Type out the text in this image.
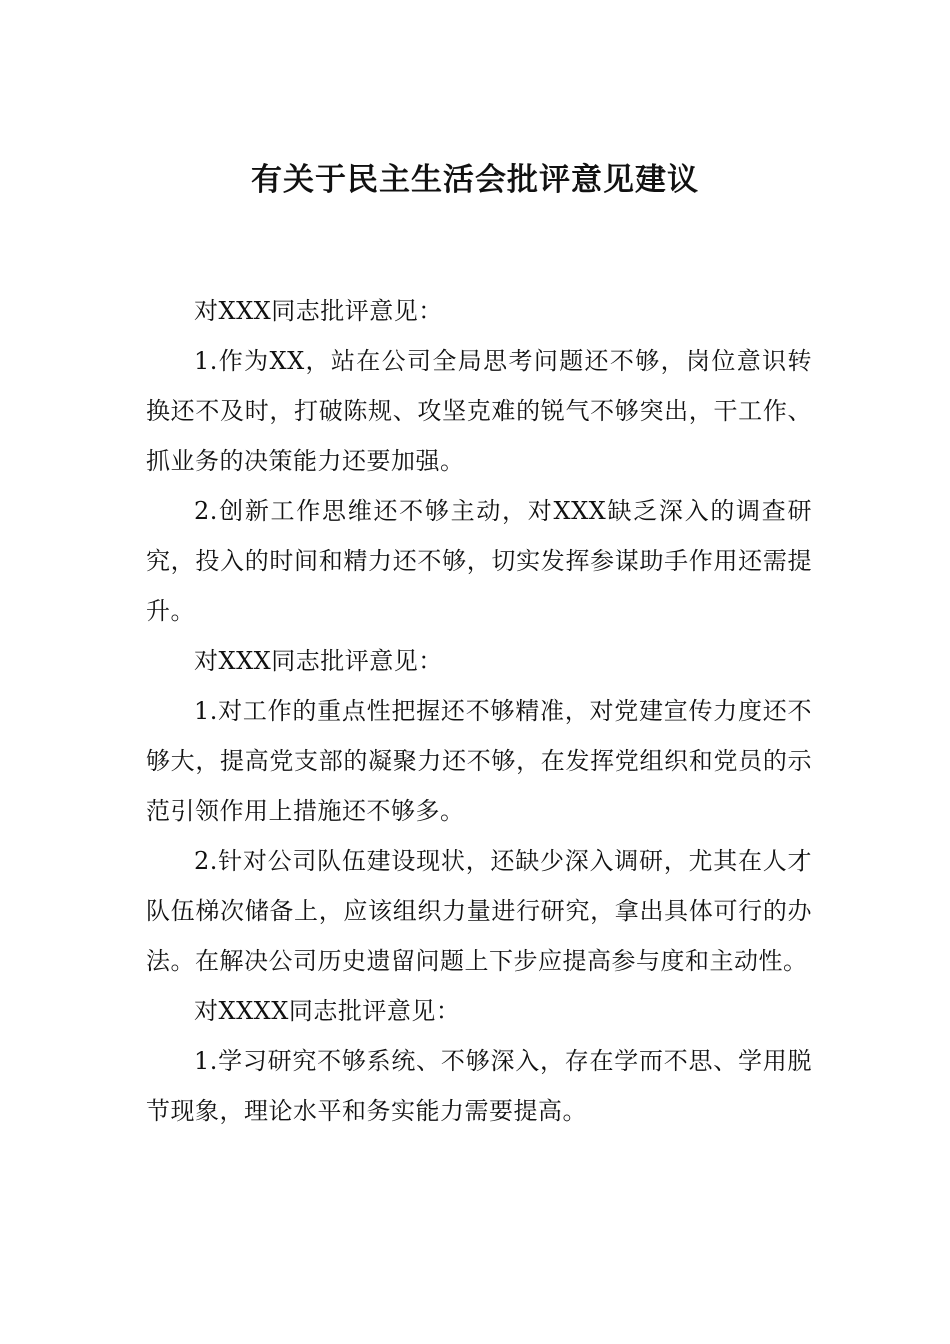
有关于民主生活会批评意见建议

对XXX同志批评意见：

1.作为XX，站在公司全局思考问题还不够，岗位意识转换还不及时，打破陈规、攻坚克难的锐气不够突出，干工作、抓业务的决策能力还要加强。

2.创新工作思维还不够主动，对XXX缺乏深入的调查研究，投入的时间和精力还不够，切实发挥参谋助手作用还需提升。

对XXX同志批评意见：

1.对工作的重点性把握还不够精准，对党建宣传力度还不够大，提高党支部的凝聚力还不够，在发挥党组织和党员的示范引领作用上措施还不够多。

2.针对公司队伍建设现状，还缺少深入调研，尤其在人才队伍梯次储备上，应该组织力量进行研究，拿出具体可行的办法。在解决公司历史遗留问题上下步应提高参与度和主动性。

对XXXX同志批评意见：

1.学习研究不够系统、不够深入，存在学而不思、学用脱节现象，理论水平和务实能力需要提高。
